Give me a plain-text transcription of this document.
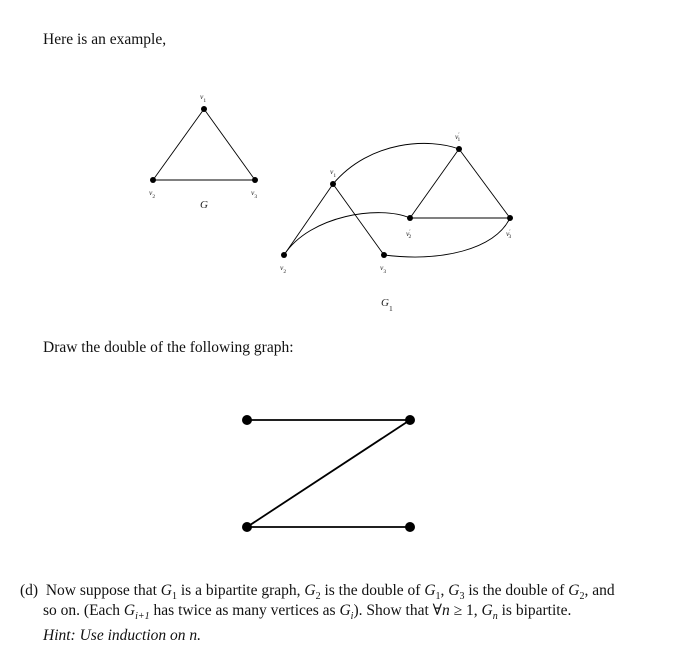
Here is an example,
$v_1$
$v_2$	$v_3$
G
$v_1$
$v_2$	$v_3$
v′ 1
v′ 2	v′ 3
$G_1$
Draw the double of the following graph:
(d) Now suppose that $G_1$ is a bipartite graph, $G_2$ is the double of $G_1$, $G_3$ is the double of $G_2$, and
so on. (Each $G_{i+1}$ has twice as many vertices as $G_i$). Show that ∀n ≥ 1, $G_n$ is bipartite.
Hint: Use induction on n.
